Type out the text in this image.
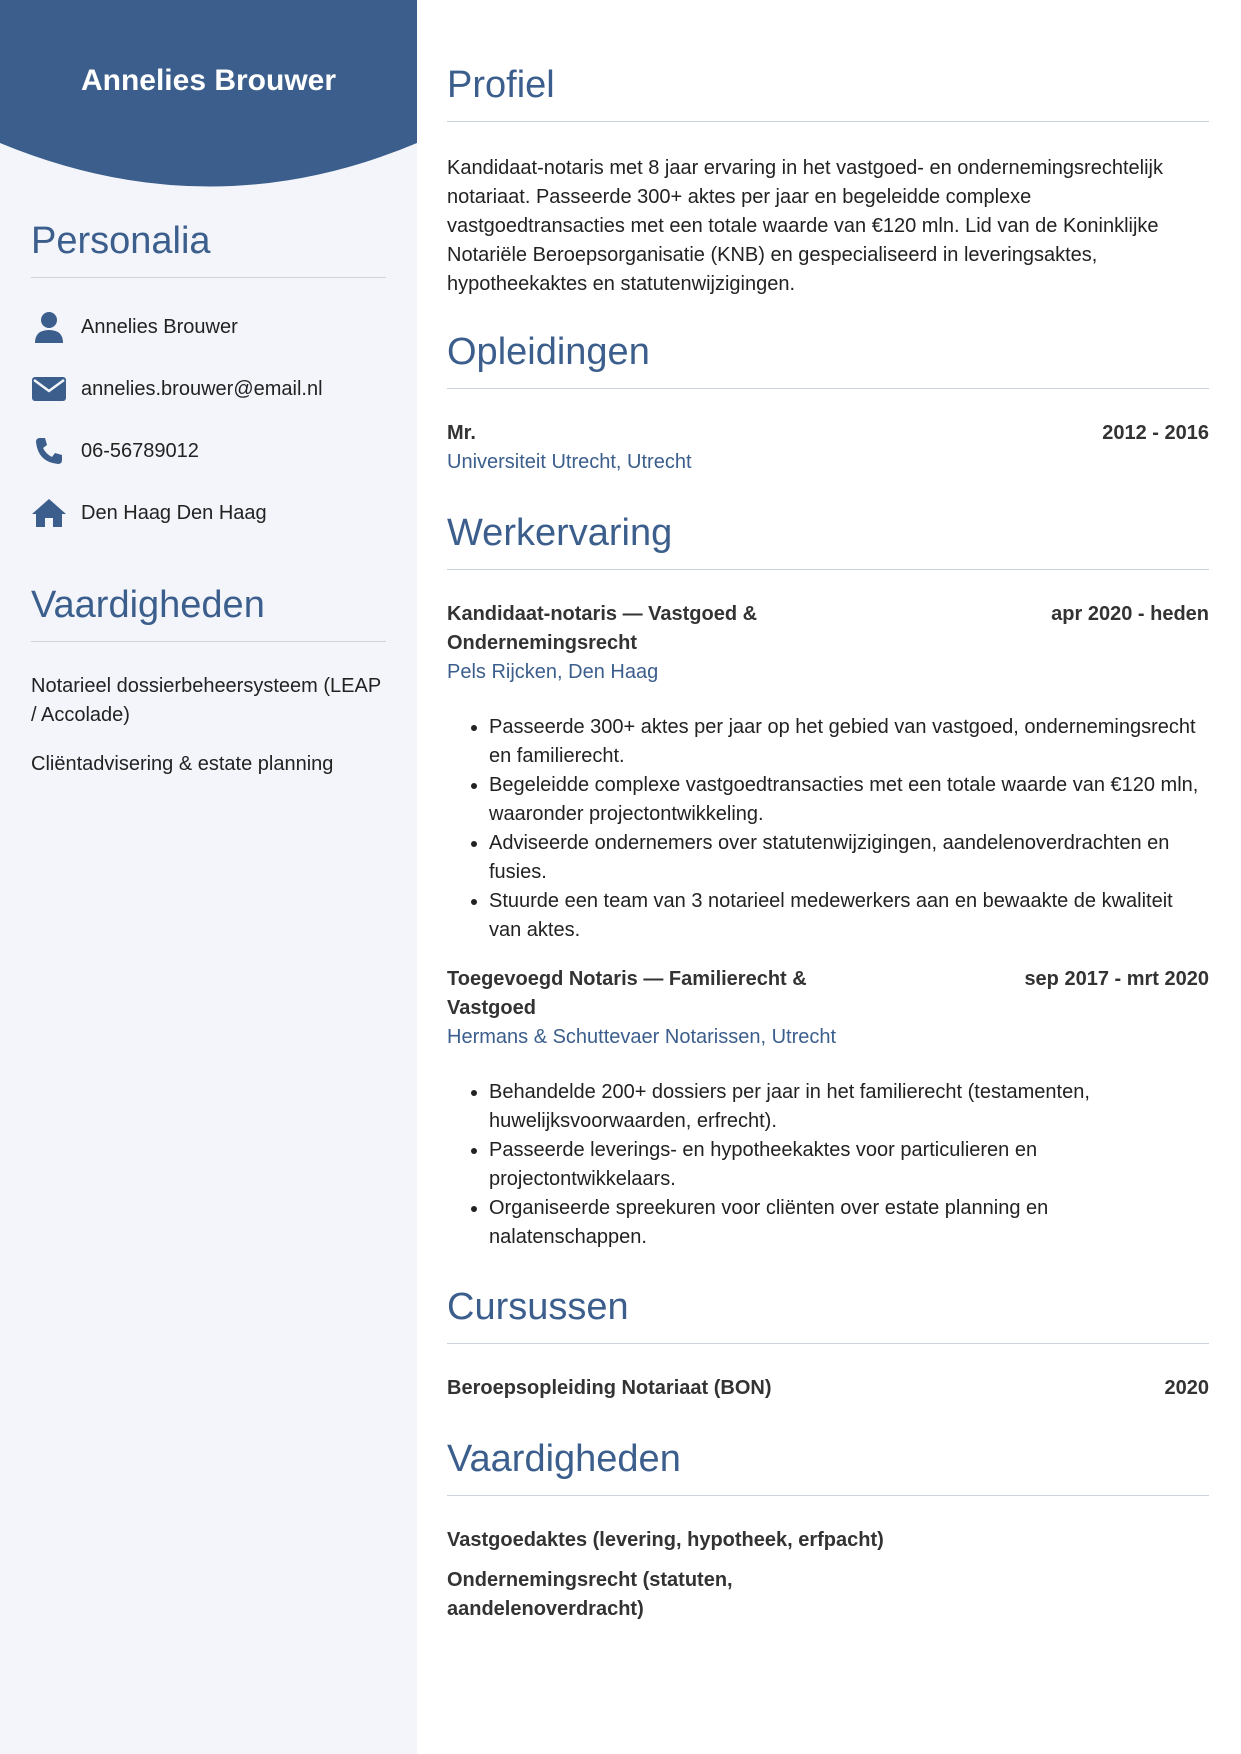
Annelies Brouwer
Personalia
Annelies Brouwer
annelies.brouwer@email.nl
06-56789012
Den Haag Den Haag
Vaardigheden
Notarieel dossierbeheersysteem (LEAP / Accolade)
Cliëntadvisering & estate planning
Profiel

Kandidaat-notaris met 8 jaar ervaring in het vastgoed- en ondernemingsrechtelijk notariaat. Passeerde 300+ aktes per jaar en begeleidde complexe vastgoedtransacties met een totale waarde van €120 mln. Lid van de Koninklijke Notariële Beroepsorganisatie (KNB) en gespecialiseerd in leveringsaktes, hypotheekaktes en statutenwijzigingen.

Opleidingen
Mr.	2012 - 2016
Universiteit Utrecht, Utrecht
Werkervaring
Kandidaat-notaris — Vastgoed & Ondernemingsrecht
apr 2020 - heden
Pels Rijcken, Den Haag
• Passeerde 300+ aktes per jaar op het gebied van vastgoed, ondernemingsrecht en familierecht.
• Begeleidde complexe vastgoedtransacties met een totale waarde van €120 mln, waaronder projectontwikkeling.
• Adviseerde ondernemers over statutenwijzigingen, aandelenoverdrachten en fusies.
• Stuurde een team van 3 notarieel medewerkers aan en bewaakte de kwaliteit van aktes.
Toegevoegd Notaris — Familierecht & Vastgoed
sep 2017 - mrt 2020
Hermans & Schuttevaer Notarissen, Utrecht
• Behandelde 200+ dossiers per jaar in het familierecht (testamenten, huwelijksvoorwaarden, erfrecht).
• Passeerde leverings- en hypotheekaktes voor particulieren en projectontwikkelaars.
• Organiseerde spreekuren voor cliënten over estate planning en nalatenschappen.
Cursussen
Beroepsopleiding Notariaat (BON)	2020
Vaardigheden
Vastgoedaktes (levering, hypotheek, erfpacht)
Ondernemingsrecht (statuten, aandelenoverdracht)
